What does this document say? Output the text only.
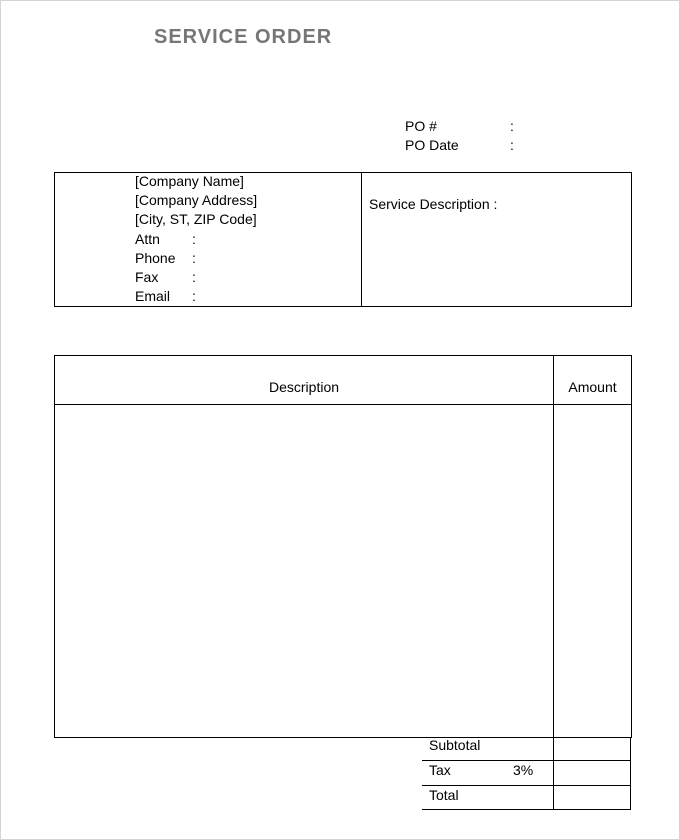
SERVICE ORDER
PO #	:
PO Date	:
[Company Name]
[Company Address]
[City, ST, ZIP Code]
Attn :
Phone :
Fax :
Email :
Service Description :
Description	Amount
Subtotal
Tax	3%
Total
